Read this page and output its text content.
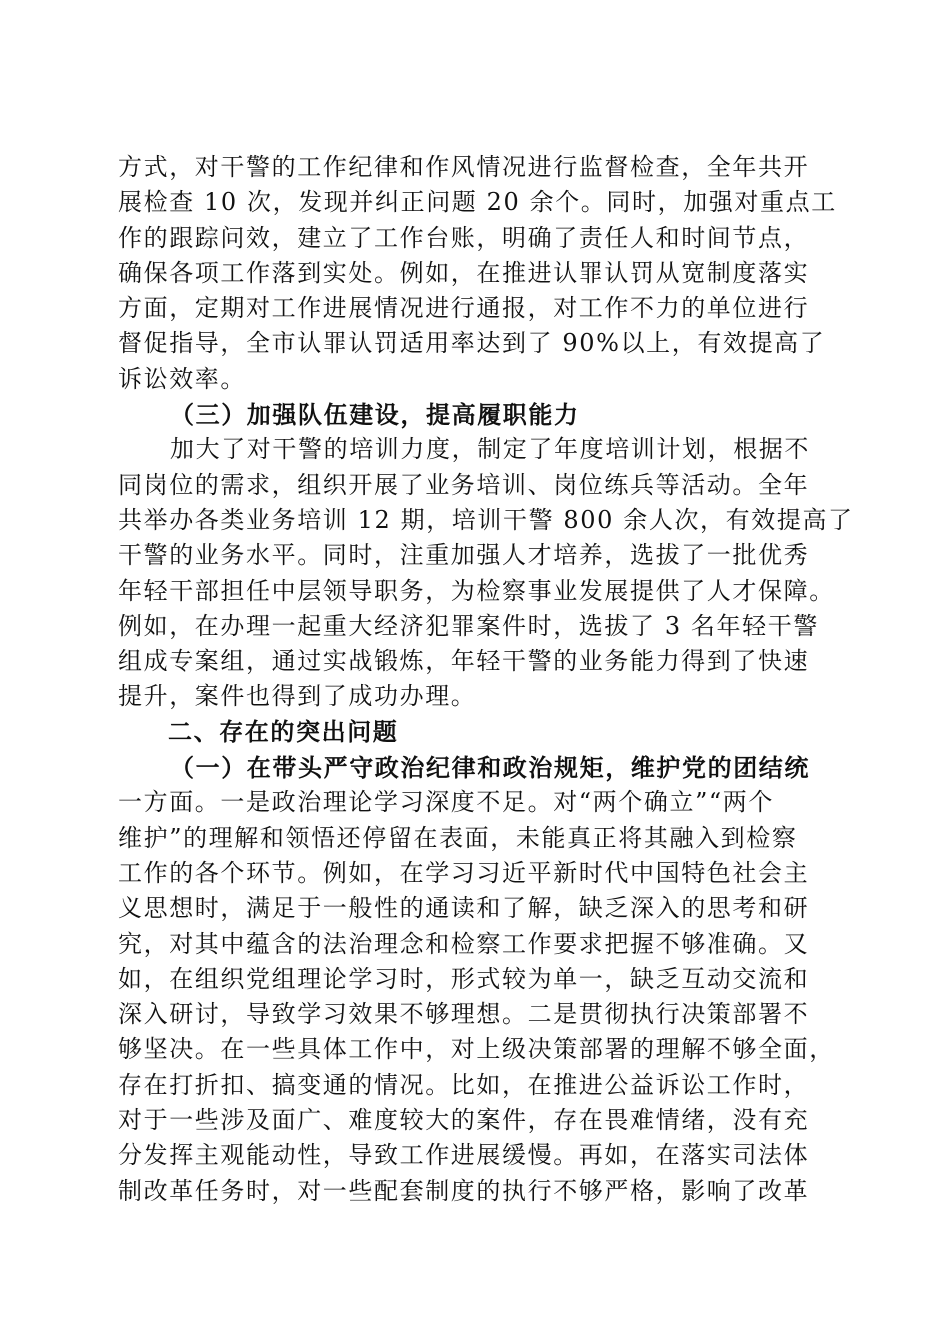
方式，对干警的工作纪律和作风情况进行监督检查，全年共开
展检查 10 次，发现并纠正问题 20 余个。同时，加强对重点工
作的跟踪问效，建立了工作台账，明确了责任人和时间节点，
确保各项工作落到实处。例如，在推进认罪认罚从宽制度落实
方面，定期对工作进展情况进行通报，对工作不力的单位进行
督促指导，全市认罪认罚适用率达到了 90%以上，有效提高了
诉讼效率。
（三）加强队伍建设，提高履职能力
加大了对干警的培训力度，制定了年度培训计划，根据不
同岗位的需求，组织开展了业务培训、岗位练兵等活动。全年
共举办各类业务培训 12 期，培训干警 800 余人次，有效提高了
干警的业务水平。同时，注重加强人才培养，选拔了一批优秀
年轻干部担任中层领导职务，为检察事业发展提供了人才保障。
例如，在办理一起重大经济犯罪案件时，选拔了 3 名年轻干警
组成专案组，通过实战锻炼，年轻干警的业务能力得到了快速
提升，案件也得到了成功办理。
二、存在的突出问题
（一）在带头严守政治纪律和政治规矩，维护党的团结统
一方面。一是政治理论学习深度不足。对“两个确立”“两个
维护”的理解和领悟还停留在表面，未能真正将其融入到检察
工作的各个环节。例如，在学习习近平新时代中国特色社会主
义思想时，满足于一般性的通读和了解，缺乏深入的思考和研
究，对其中蕴含的法治理念和检察工作要求把握不够准确。又
如，在组织党组理论学习时，形式较为单一，缺乏互动交流和
深入研讨，导致学习效果不够理想。二是贯彻执行决策部署不
够坚决。在一些具体工作中，对上级决策部署的理解不够全面，
存在打折扣、搞变通的情况。比如，在推进公益诉讼工作时，
对于一些涉及面广、难度较大的案件，存在畏难情绪，没有充
分发挥主观能动性，导致工作进展缓慢。再如，在落实司法体
制改革任务时，对一些配套制度的执行不够严格，影响了改革
